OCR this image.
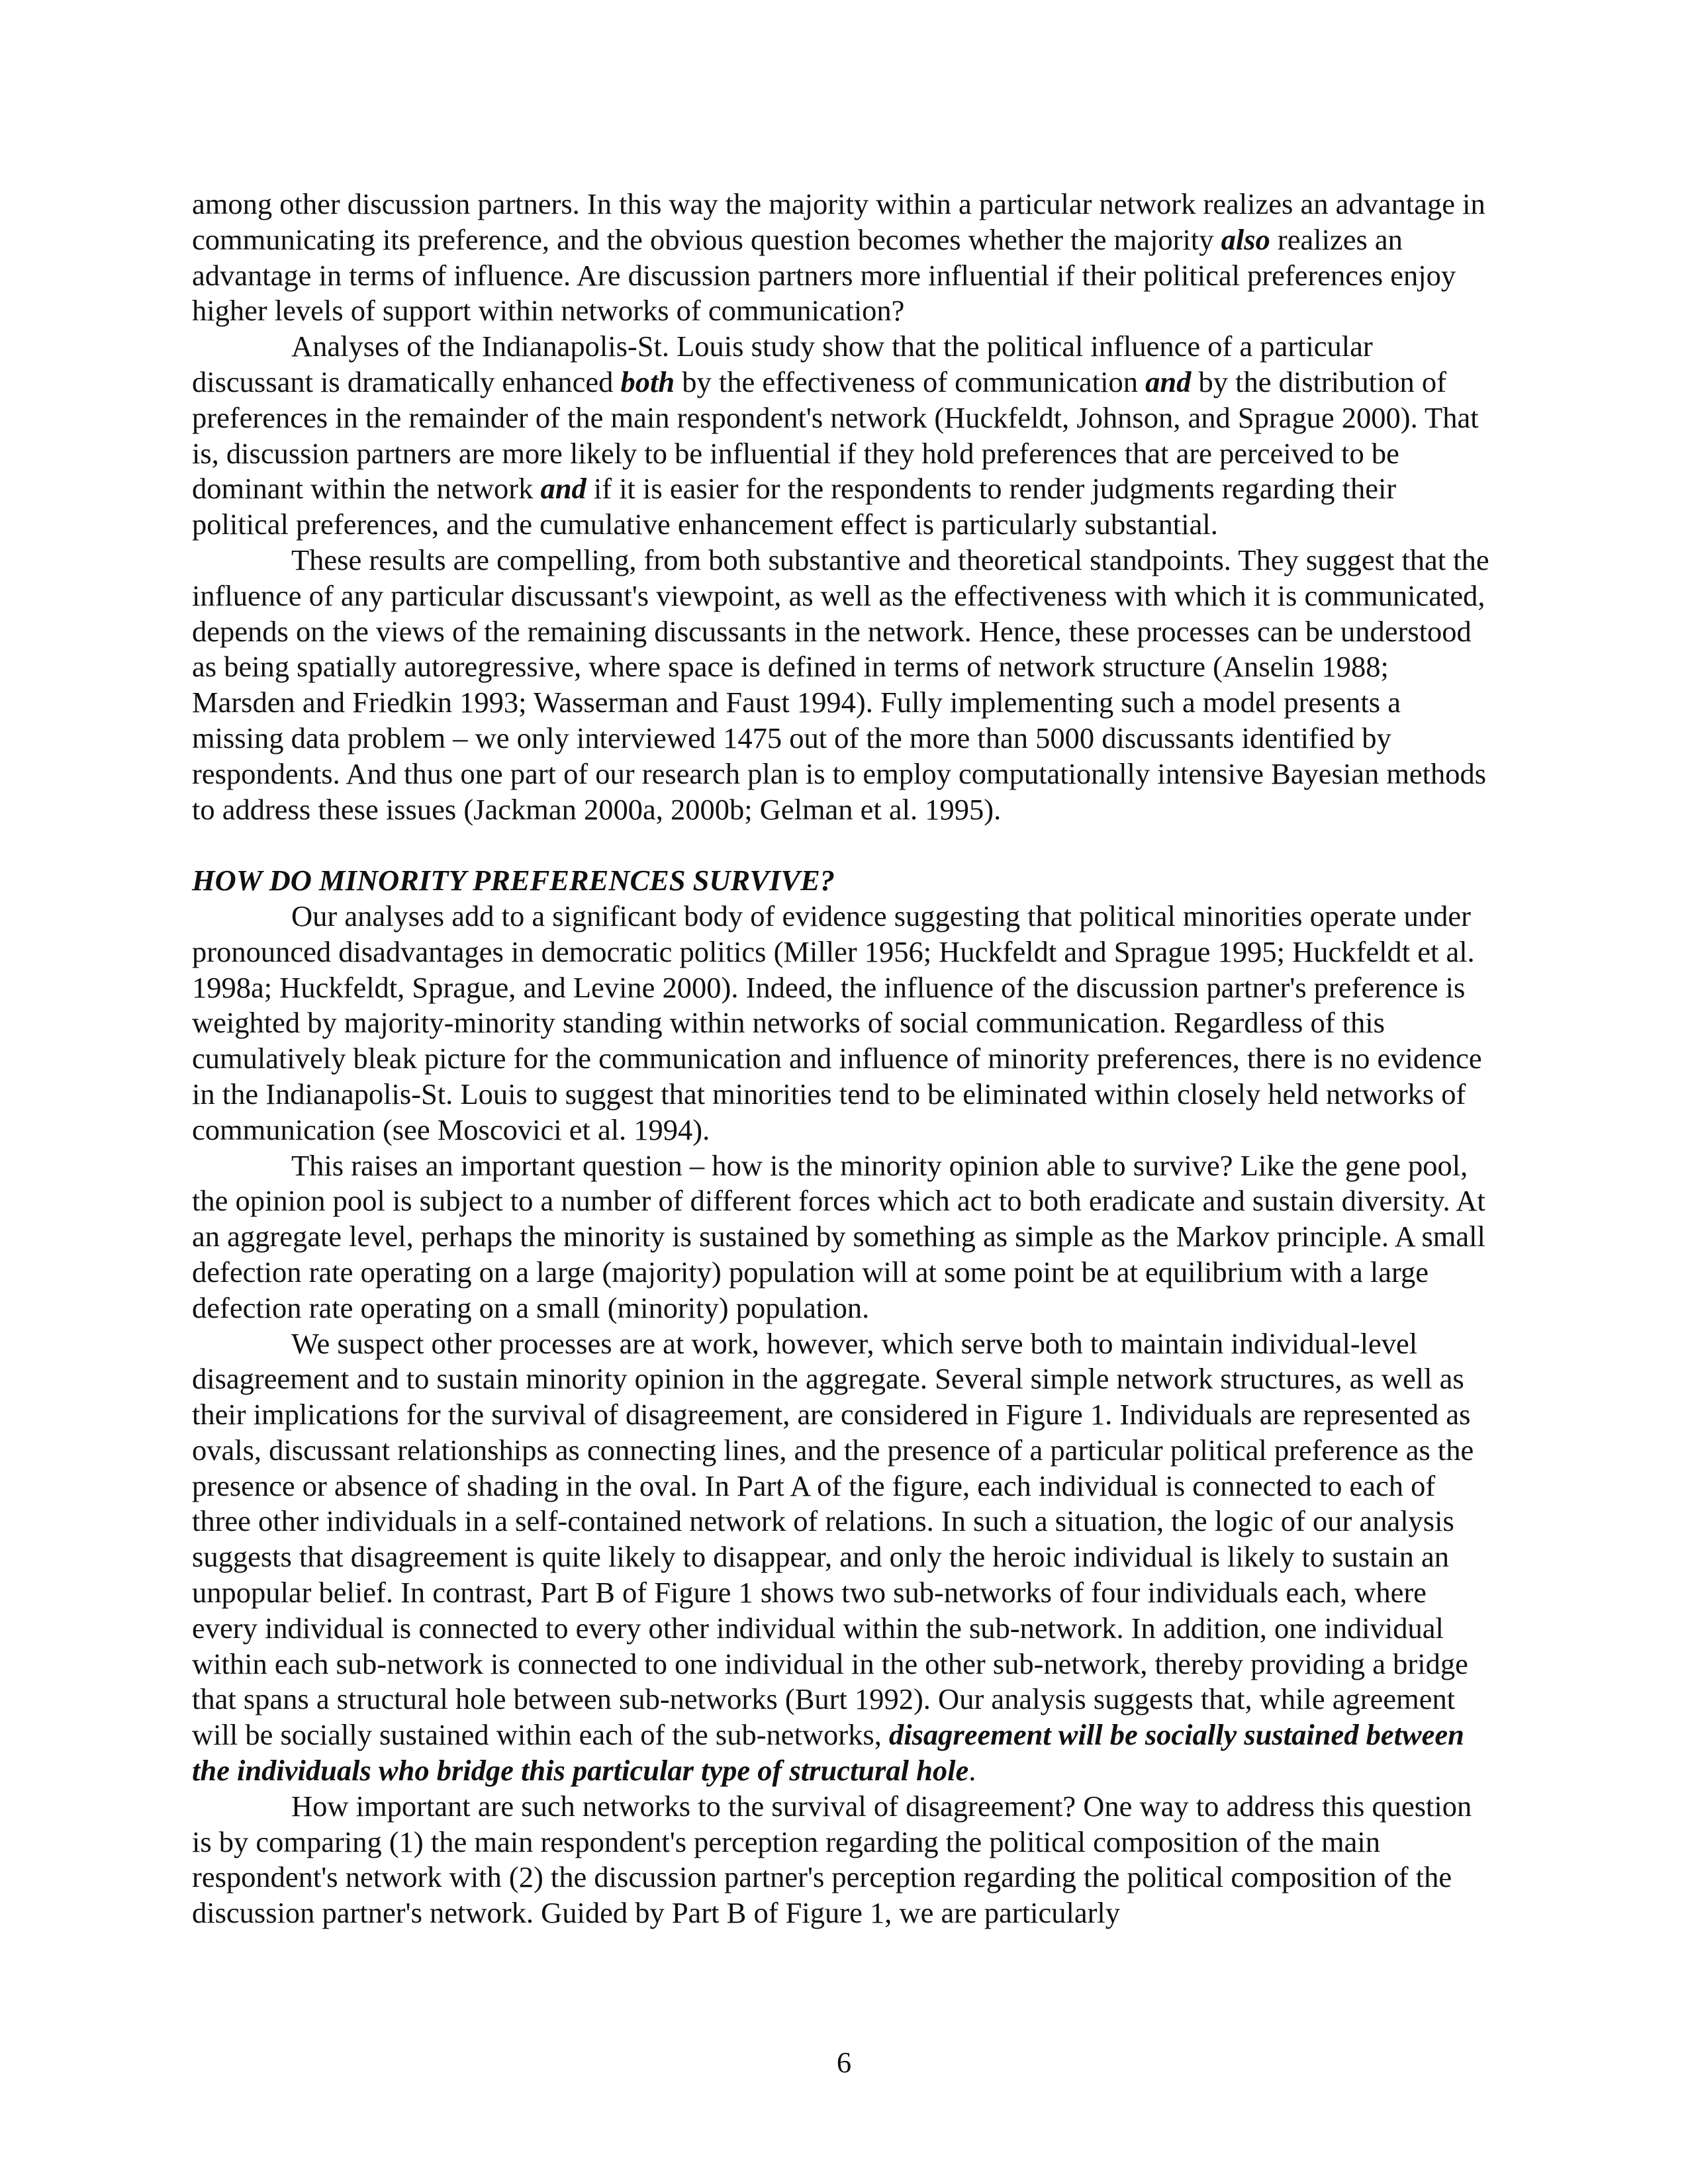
among other discussion partners. In this way the majority within a particular network realizes an advantage in communicating its preference, and the obvious question becomes whether the majority also realizes an advantage in terms of influence. Are discussion partners more influential if their political preferences enjoy higher levels of support within networks of communication?

Analyses of the Indianapolis-St. Louis study show that the political influence of a particular discussant is dramatically enhanced both by the effectiveness of communication and by the distribution of preferences in the remainder of the main respondent's network (Huckfeldt, Johnson, and Sprague 2000). That is, discussion partners are more likely to be influential if they hold preferences that are perceived to be dominant within the network and if it is easier for the respondents to render judgments regarding their political preferences, and the cumulative enhancement effect is particularly substantial.

These results are compelling, from both substantive and theoretical standpoints. They suggest that the influence of any particular discussant's viewpoint, as well as the effectiveness with which it is communicated, depends on the views of the remaining discussants in the network. Hence, these processes can be understood as being spatially autoregressive, where space is defined in terms of network structure (Anselin 1988; Marsden and Friedkin 1993; Wasserman and Faust 1994). Fully implementing such a model presents a missing data problem – we only interviewed 1475 out of the more than 5000 discussants identified by respondents. And thus one part of our research plan is to employ computationally intensive Bayesian methods to address these issues (Jackman 2000a, 2000b; Gelman et al. 1995).

HOW DO MINORITY PREFERENCES SURVIVE?

Our analyses add to a significant body of evidence suggesting that political minorities operate under pronounced disadvantages in democratic politics (Miller 1956; Huckfeldt and Sprague 1995; Huckfeldt et al. 1998a; Huckfeldt, Sprague, and Levine 2000). Indeed, the influence of the discussion partner's preference is weighted by majority-minority standing within networks of social communication. Regardless of this cumulatively bleak picture for the communication and influence of minority preferences, there is no evidence in the Indianapolis-St. Louis to suggest that minorities tend to be eliminated within closely held networks of communication (see Moscovici et al. 1994).

This raises an important question – how is the minority opinion able to survive? Like the gene pool, the opinion pool is subject to a number of different forces which act to both eradicate and sustain diversity. At an aggregate level, perhaps the minority is sustained by something as simple as the Markov principle. A small defection rate operating on a large (majority) population will at some point be at equilibrium with a large defection rate operating on a small (minority) population.

We suspect other processes are at work, however, which serve both to maintain individual-level disagreement and to sustain minority opinion in the aggregate. Several simple network structures, as well as their implications for the survival of disagreement, are considered in Figure 1. Individuals are represented as ovals, discussant relationships as connecting lines, and the presence of a particular political preference as the presence or absence of shading in the oval. In Part A of the figure, each individual is connected to each of three other individuals in a self-contained network of relations. In such a situation, the logic of our analysis suggests that disagreement is quite likely to disappear, and only the heroic individual is likely to sustain an unpopular belief. In contrast, Part B of Figure 1 shows two sub-networks of four individuals each, where every individual is connected to every other individual within the sub-network. In addition, one individual within each sub-network is connected to one individual in the other sub-network, thereby providing a bridge that spans a structural hole between sub-networks (Burt 1992). Our analysis suggests that, while agreement will be socially sustained within each of the sub-networks, disagreement will be socially sustained between the individuals who bridge this particular type of structural hole.

How important are such networks to the survival of disagreement? One way to address this question is by comparing (1) the main respondent's perception regarding the political composition of the main respondent's network with (2) the discussion partner's perception regarding the political composition of the discussion partner's network. Guided by Part B of Figure 1, we are particularly

6
